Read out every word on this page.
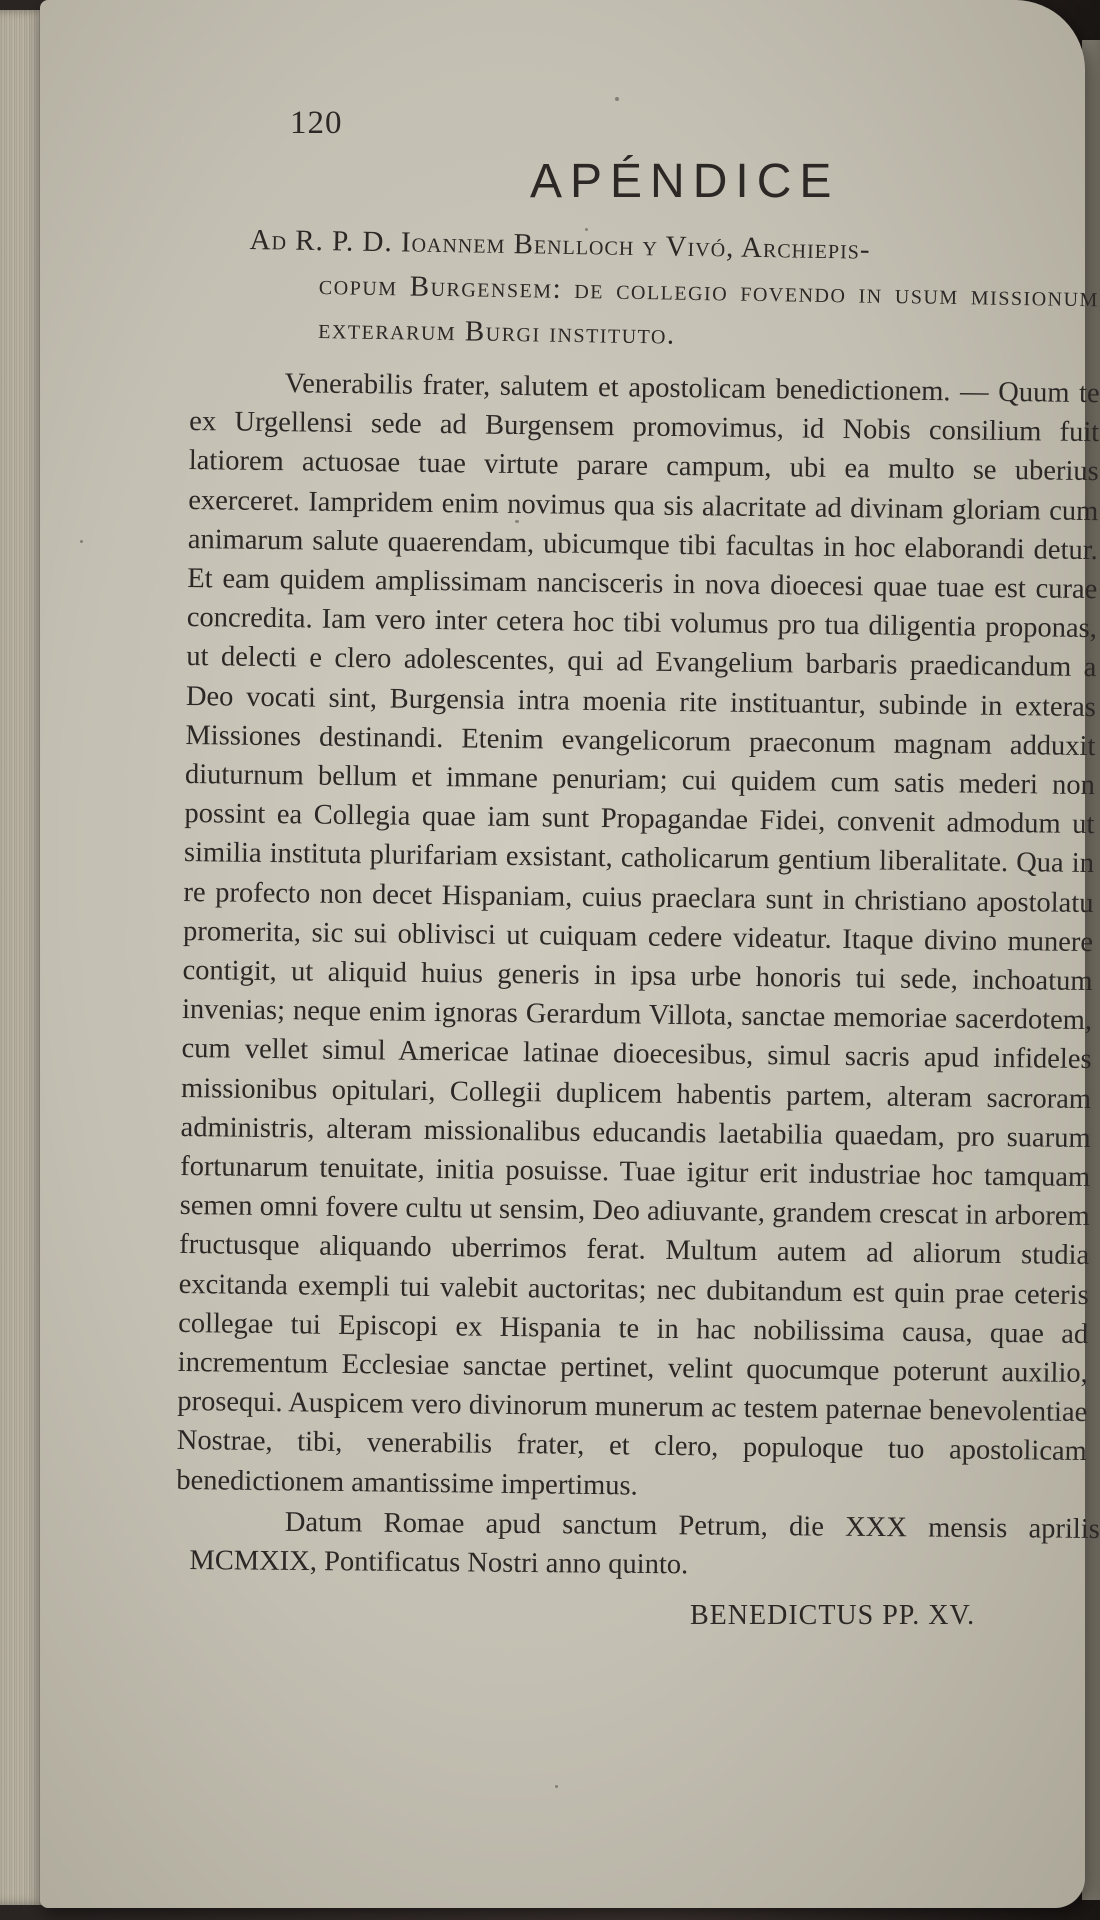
120
APÉNDICE
Ad R. P. D. Ioannem Benlloch y Vivó, Archiepis-
copum Burgensem: de collegio fovendo in usum missionum exterarum Burgi instituto.

Venerabilis frater, salutem et apostolicam benedictionem. — Quum te ex Urgellensi sede ad Burgensem promovimus, id Nobis consilium fuit latiorem actuosae tuae virtute parare campum, ubi ea multo se uberius exerceret. Iampridem enim novimus qua sis alacritate ad divinam gloriam cum animarum salute quaerendam, ubicumque tibi facultas in hoc elaborandi detur. Et eam quidem amplissimam nancisceris in nova dioecesi quae tuae est curae concredita. Iam vero inter cetera hoc tibi volumus pro tua diligentia proponas, ut delecti e clero adolescentes, qui ad Evangelium barbaris praedicandum a Deo vocati sint, Burgensia intra moenia rite instituantur, subinde in exteras Missiones destinandi. Etenim evangelicorum praeconum magnam adduxit diuturnum bellum et immane penuriam; cui quidem cum satis mederi non possint ea Collegia quae iam sunt Propagandae Fidei, convenit admodum ut similia instituta plurifariam exsistant, catholicarum gentium liberalitate. Qua in re profecto non decet Hispaniam, cuius praeclara sunt in christiano apostolatu promerita, sic sui oblivisci ut cuiquam cedere videatur. Itaque divino munere contigit, ut aliquid huius generis in ipsa urbe honoris tui sede, inchoatum invenias; neque enim ignoras Gerardum Villota, sanctae memoriae sacerdotem, cum vellet simul Americae latinae dioecesibus, simul sacris apud infideles missionibus opitulari, Collegii duplicem habentis partem, alteram sacroram administris, alteram missionalibus educandis laetabilia quaedam, pro suarum fortunarum tenuitate, initia posuisse. Tuae igitur erit industriae hoc tamquam semen omni fovere cultu ut sensim, Deo adiuvante, grandem crescat in arborem fructusque aliquando uberrimos ferat. Multum autem ad aliorum studia excitanda exempli tui valebit auctoritas; nec dubitandum est quin prae ceteris collegae tui Episcopi ex Hispania te in hac nobilissima causa, quae ad incrementum Ecclesiae sanctae pertinet, velint quocumque poterunt auxilio, prosequi. Auspicem vero divinorum munerum ac testem paternae benevolentiae Nostrae, tibi, venerabilis frater, et clero, populoque tuo apostolicam benedictionem amantissime impertimus.

Datum Romae apud sanctum Petrum, die XXX mensis aprilis MCMXIX, Pontificatus Nostri anno quinto.
BENEDICTUS PP. XV.
